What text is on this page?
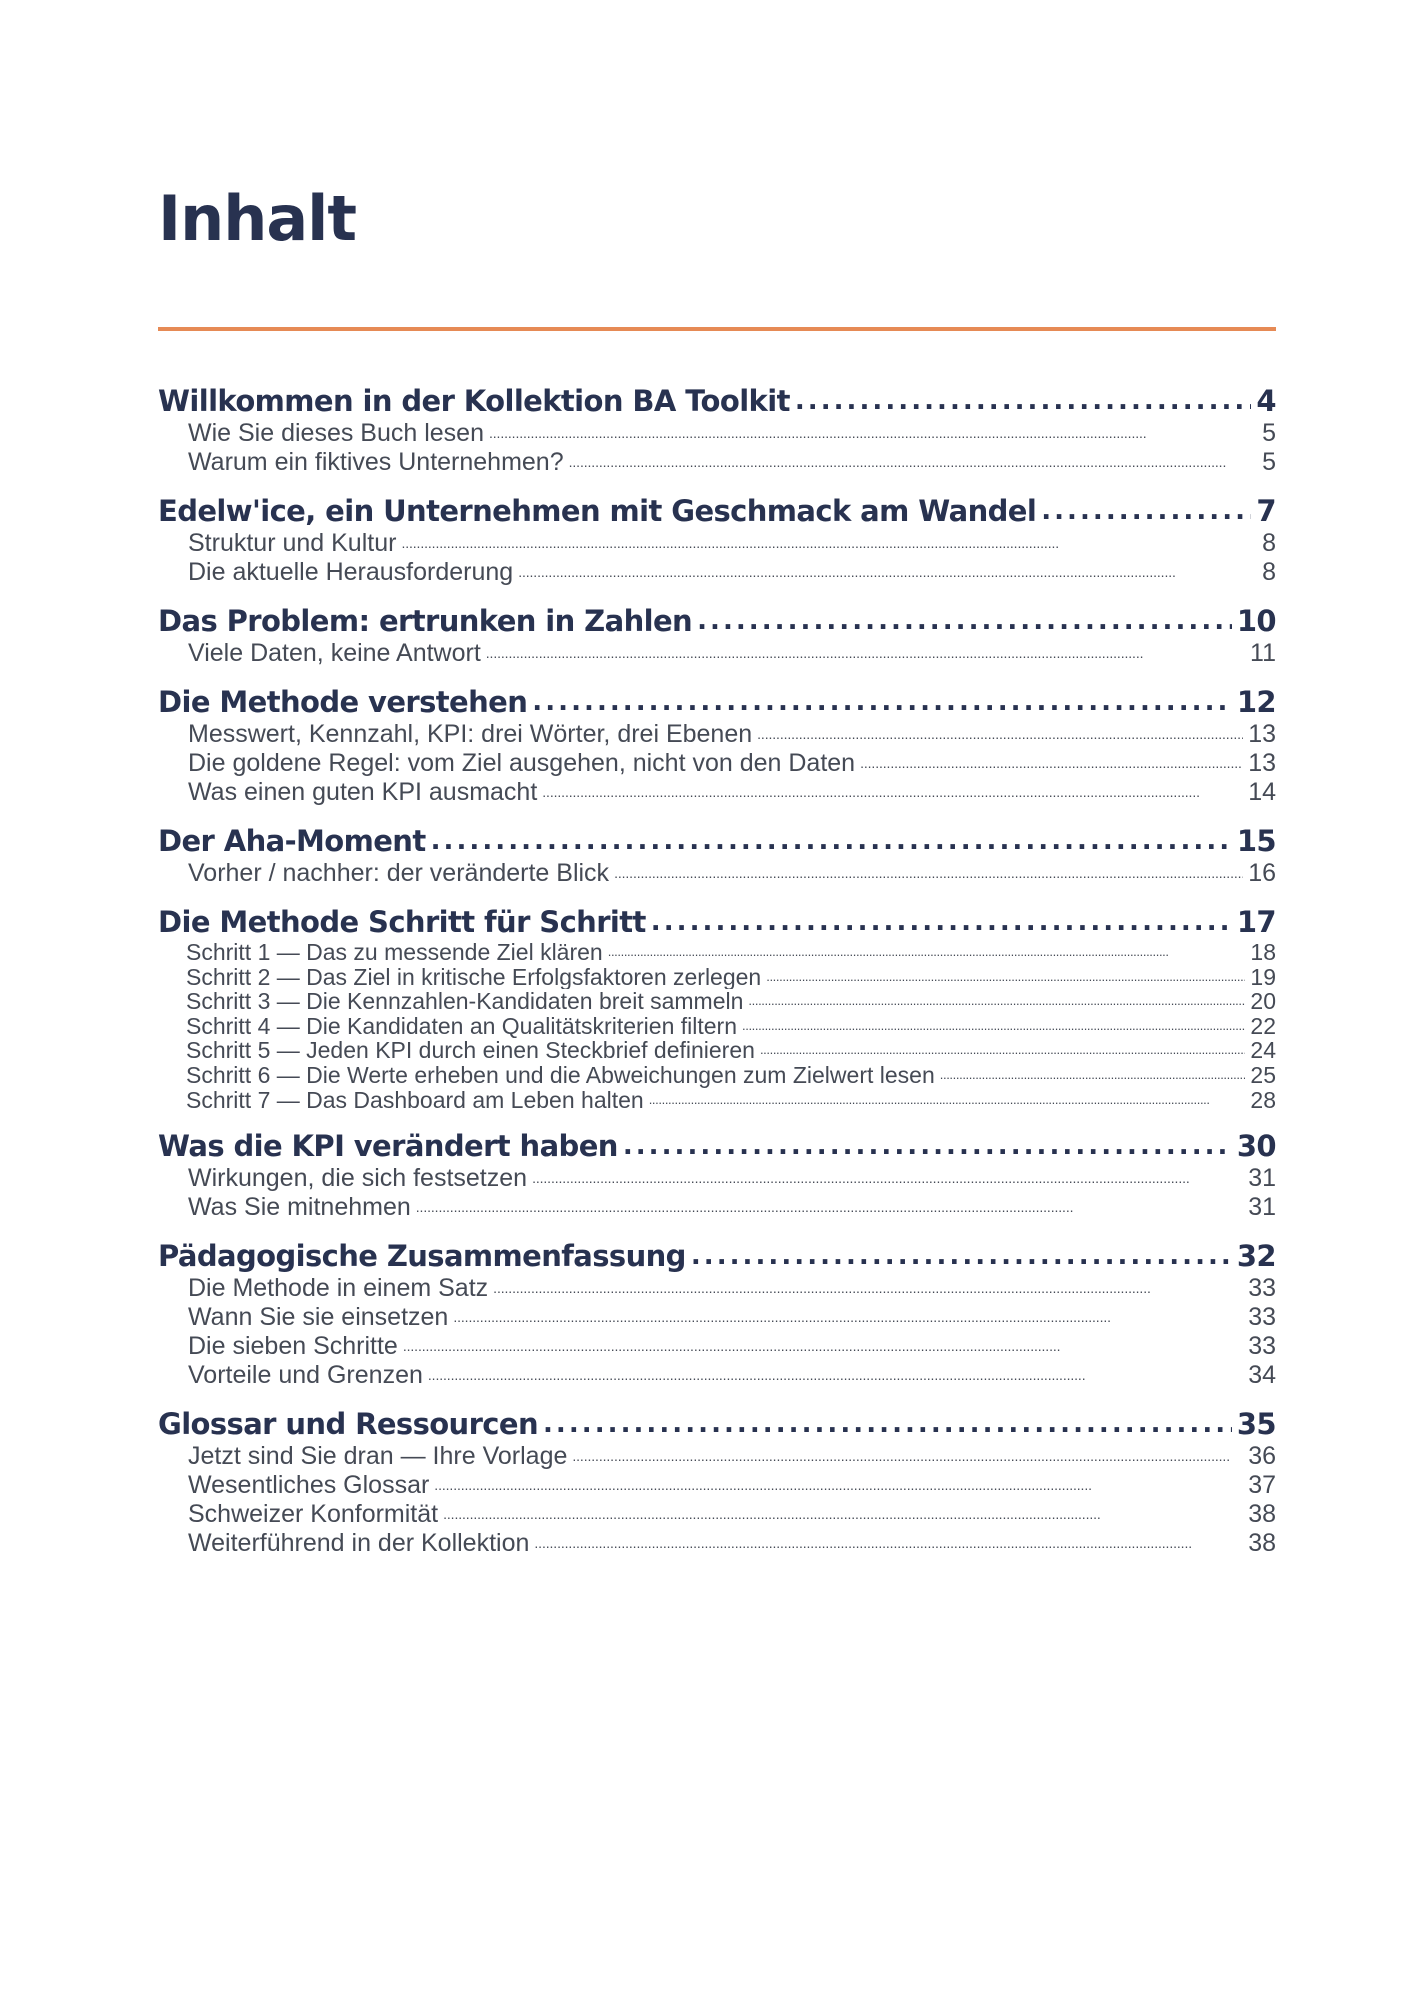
Inhalt
Willkommen in der Kollektion BA Toolkit . . .	4
Wie Sie dieses Buch lesen . . .	5
Warum ein fiktives Unternehmen? . . .	5
Edelw'ice, ein Unternehmen mit Geschmack am Wandel . . .	7
Struktur und Kultur . . .	8
Die aktuelle Herausforderung . . .	8
Das Problem: ertrunken in Zahlen . . .	10
Viele Daten, keine Antwort . . .	11
Die Methode verstehen . . .	12
Messwert, Kennzahl, KPI: drei Wörter, drei Ebenen . . .	13
Die goldene Regel: vom Ziel ausgehen, nicht von den Daten . . .	13
Was einen guten KPI ausmacht . . .	14
Der Aha-Moment . . .	15
Vorher / nachher: der veränderte Blick . . .	16
Die Methode Schritt für Schritt . . .	17
Schritt 1 — Das zu messende Ziel klären . . .	18
Schritt 2 — Das Ziel in kritische Erfolgsfaktoren zerlegen . . .	19
Schritt 3 — Die Kennzahlen-Kandidaten breit sammeln . . .	20
Schritt 4 — Die Kandidaten an Qualitätskriterien filtern . . .	22
Schritt 5 — Jeden KPI durch einen Steckbrief definieren . . .	24
Schritt 6 — Die Werte erheben und die Abweichungen zum Zielwert lesen . . .	25
Schritt 7 — Das Dashboard am Leben halten . . .	28
Was die KPI verändert haben . . .	30
Wirkungen, die sich festsetzen . . .	31
Was Sie mitnehmen . . .	31
Pädagogische Zusammenfassung . . .	32
Die Methode in einem Satz . . .	33
Wann Sie sie einsetzen . . .	33
Die sieben Schritte . . .	33
Vorteile und Grenzen . . .	34
Glossar und Ressourcen . . .	35
Jetzt sind Sie dran — Ihre Vorlage . . .	36
Wesentliches Glossar . . .	37
Schweizer Konformität . . .	38
Weiterführend in der Kollektion . . .	38
